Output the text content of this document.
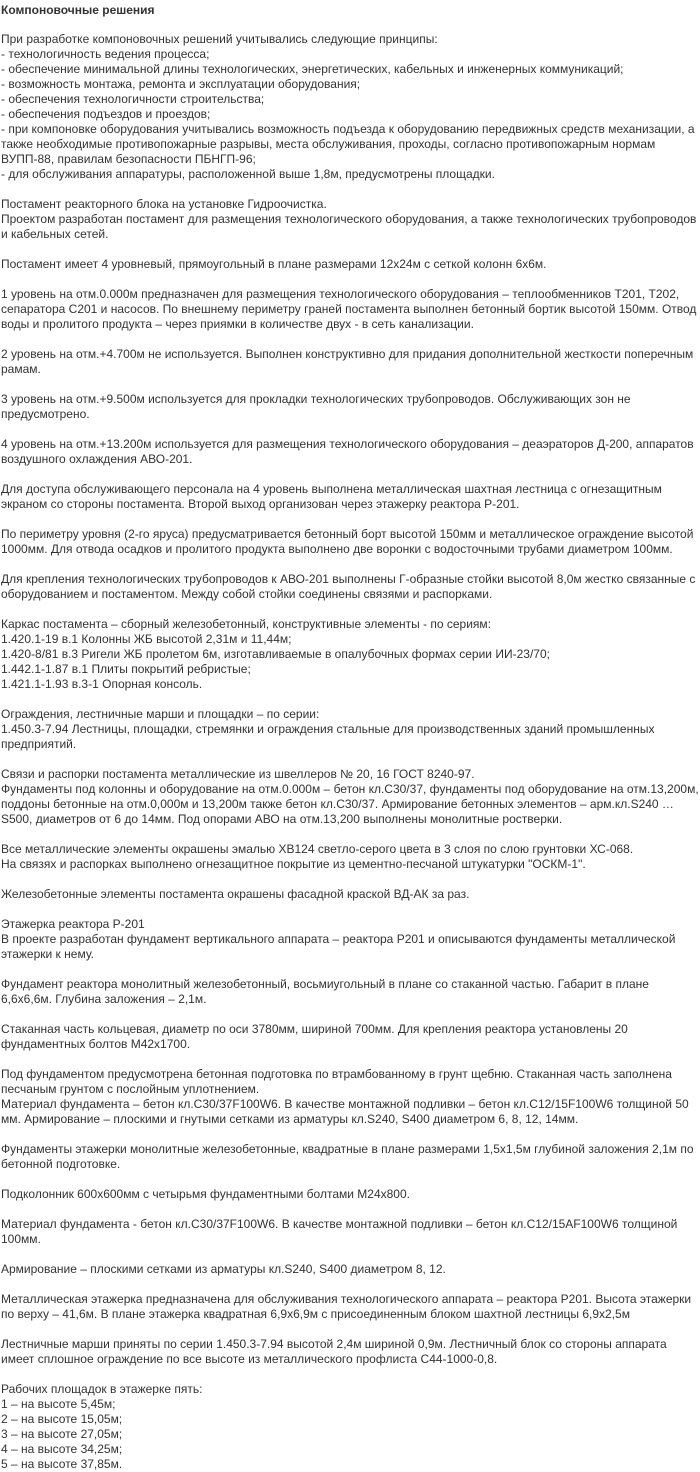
Компоновочные решения
При разработке компоновочных решений учитывались следующие принципы:
- технологичность ведения процесса;
- обеспечение минимальной длины технологических, энергетических, кабельных и инженерных коммуникаций;
- возможность монтажа, ремонта и эксплуатации оборудования;
- обеспечения технологичности строительства;
- обеспечения подъездов и проездов;
- при компоновке оборудования учитывались возможность подъезда к оборудованию передвижных средств механизации, а также необходимые противопожарные разрывы, места обслуживания, проходы, согласно противопожарным нормам ВУПП-88, правилам безопасности ПБНГП-96;
- для обслуживания аппаратуры, расположенной выше 1,8м, предусмотрены площадки.
Постамент реакторного блока на установке Гидроочистка.
Проектом разработан постамент для размещения технологического оборудования, а также технологических трубопроводов и кабельных сетей.
Постамент имеет 4 уровневый, прямоугольный в плане размерами 12х24м с сеткой колонн 6х6м.
1 уровень на отм.0.000м предназначен для размещения технологического оборудования – теплообменников Т201, Т202, сепаратора С201 и насосов. По внешнему периметру граней постамента выполнен бетонный бортик высотой 150мм. Отвод воды и пролитого продукта – через приямки в количестве двух - в сеть канализации.
2 уровень на отм.+4.700м не используется. Выполнен конструктивно для придания дополнительной жесткости поперечным рамам.
3 уровень на отм.+9.500м используется для прокладки технологических трубопроводов. Обслуживающих зон не предусмотрено.
4 уровень на отм.+13.200м используется для размещения технологического оборудования – деаэраторов Д-200, аппаратов воздушного охлаждения АВО-201.
Для доступа обслуживающего персонала на 4 уровень выполнена металлическая шахтная лестница с огнезащитным экраном со стороны постамента. Второй выход организован через этажерку реактора Р-201.
По периметру уровня (2-го яруса) предусматривается бетонный борт высотой 150мм и металлическое ограждение высотой 1000мм. Для отвода осадков и пролитого продукта выполнено две воронки с водосточными трубами диаметром 100мм.
Для крепления технологических трубопроводов к АВО-201 выполнены Г-образные стойки высотой 8,0м жестко связанные с оборудованием и постаментом. Между собой стойки соединены связями и распорками.
Каркас постамента – сборный железобетонный, конструктивные элементы - по сериям:
1.420.1-19 в.1 Колонны ЖБ высотой 2,31м и 11,44м;
1.420-8/81 в.3 Ригели ЖБ пролетом 6м, изготавливаемые в опалубочных формах серии ИИ-23/70;
1.442.1-1.87 в.1 Плиты покрытий ребристые;
1.421.1-1.93 в.3-1 Опорная консоль.
Ограждения, лестничные марши и площадки – по серии:
1.450.3-7.94 Лестницы, площадки, стремянки и ограждения стальные для производственных зданий промышленных предприятий.
Связи и распорки постамента металлические из швеллеров № 20, 16 ГОСТ 8240-97.
Фундаменты под колонны и оборудование на отм.0.000м – бетон кл.С30/37, фундаменты под оборудование на отм.13,200м, поддоны бетонные на отм.0,000м и 13,200м также бетон кл.С30/37. Армирование бетонных элементов – арм.кл.S240 … S500, диаметров от 6 до 14мм. Под опорами АВО на отм.13,200 выполнены монолитные ростверки.
Все металлические элементы окрашены эмалью ХВ124 светло-серого цвета в 3 слоя по слою грунтовки ХС-068.
На связях и распорках выполнено огнезащитное покрытие из цементно-песчаной штукатурки "ОСКМ-1".
Железобетонные элементы постамента окрашены фасадной краской ВД-АК за раз.
Этажерка реактора Р-201
В проекте разработан фундамент вертикального аппарата – реактора Р201 и описываются фундаменты металлической этажерки к нему.
Фундамент реактора монолитный железобетонный, восьмиугольный в плане со стаканной частью. Габарит в плане 6,6х6,6м. Глубина заложения – 2,1м.
Стаканная часть кольцевая, диаметр по оси 3780мм, шириной 700мм. Для крепления реактора установлены 20 фундаментных болтов М42х1700.
Под фундаментом предусмотрена бетонная подготовка по втрамбованному в грунт щебню. Стаканная часть заполнена песчаным грунтом с послойным уплотнением.
Материал фундамента – бетон кл.С30/37F100W6. В качестве монтажной подливки – бетон кл.С12/15F100W6 толщиной 50 мм. Армирование – плоскими и гнутыми сетками из арматуры кл.S240, S400 диаметром 6, 8, 12, 14мм.
Фундаменты этажерки монолитные железобетонные, квадратные в плане размерами 1,5х1,5м глубиной заложения 2,1м по бетонной подготовке.
Подколонник 600х600мм с четырьмя фундаментными болтами М24х800.
Материал фундамента - бетон кл.С30/37F100W6. В качестве монтажной подливки – бетон кл.С12/15АF100W6 толщиной 100мм.
Армирование – плоскими сетками из арматуры кл.S240, S400 диаметром 8, 12.
Металлическая этажерка предназначена для обслуживания технологического аппарата – реактора Р201. Высота этажерки по верху – 41,6м. В плане этажерка квадратная 6,9х6,9м с присоединенным блоком шахтной лестницы 6,9х2,5м
Лестничные марши приняты по серии 1.450.3-7.94 высотой 2,4м шириной 0,9м. Лестничный блок со стороны аппарата имеет сплошное ограждение по все высоте из металлического профлиста С44-1000-0,8.
Рабочих площадок в этажерке пять:
1 – на высоте 5,45м;
2 – на высоте 15,05м;
3 – на высоте 27,05м;
4 – на высоте 34,25м;
5 – на высоте 37,85м.
